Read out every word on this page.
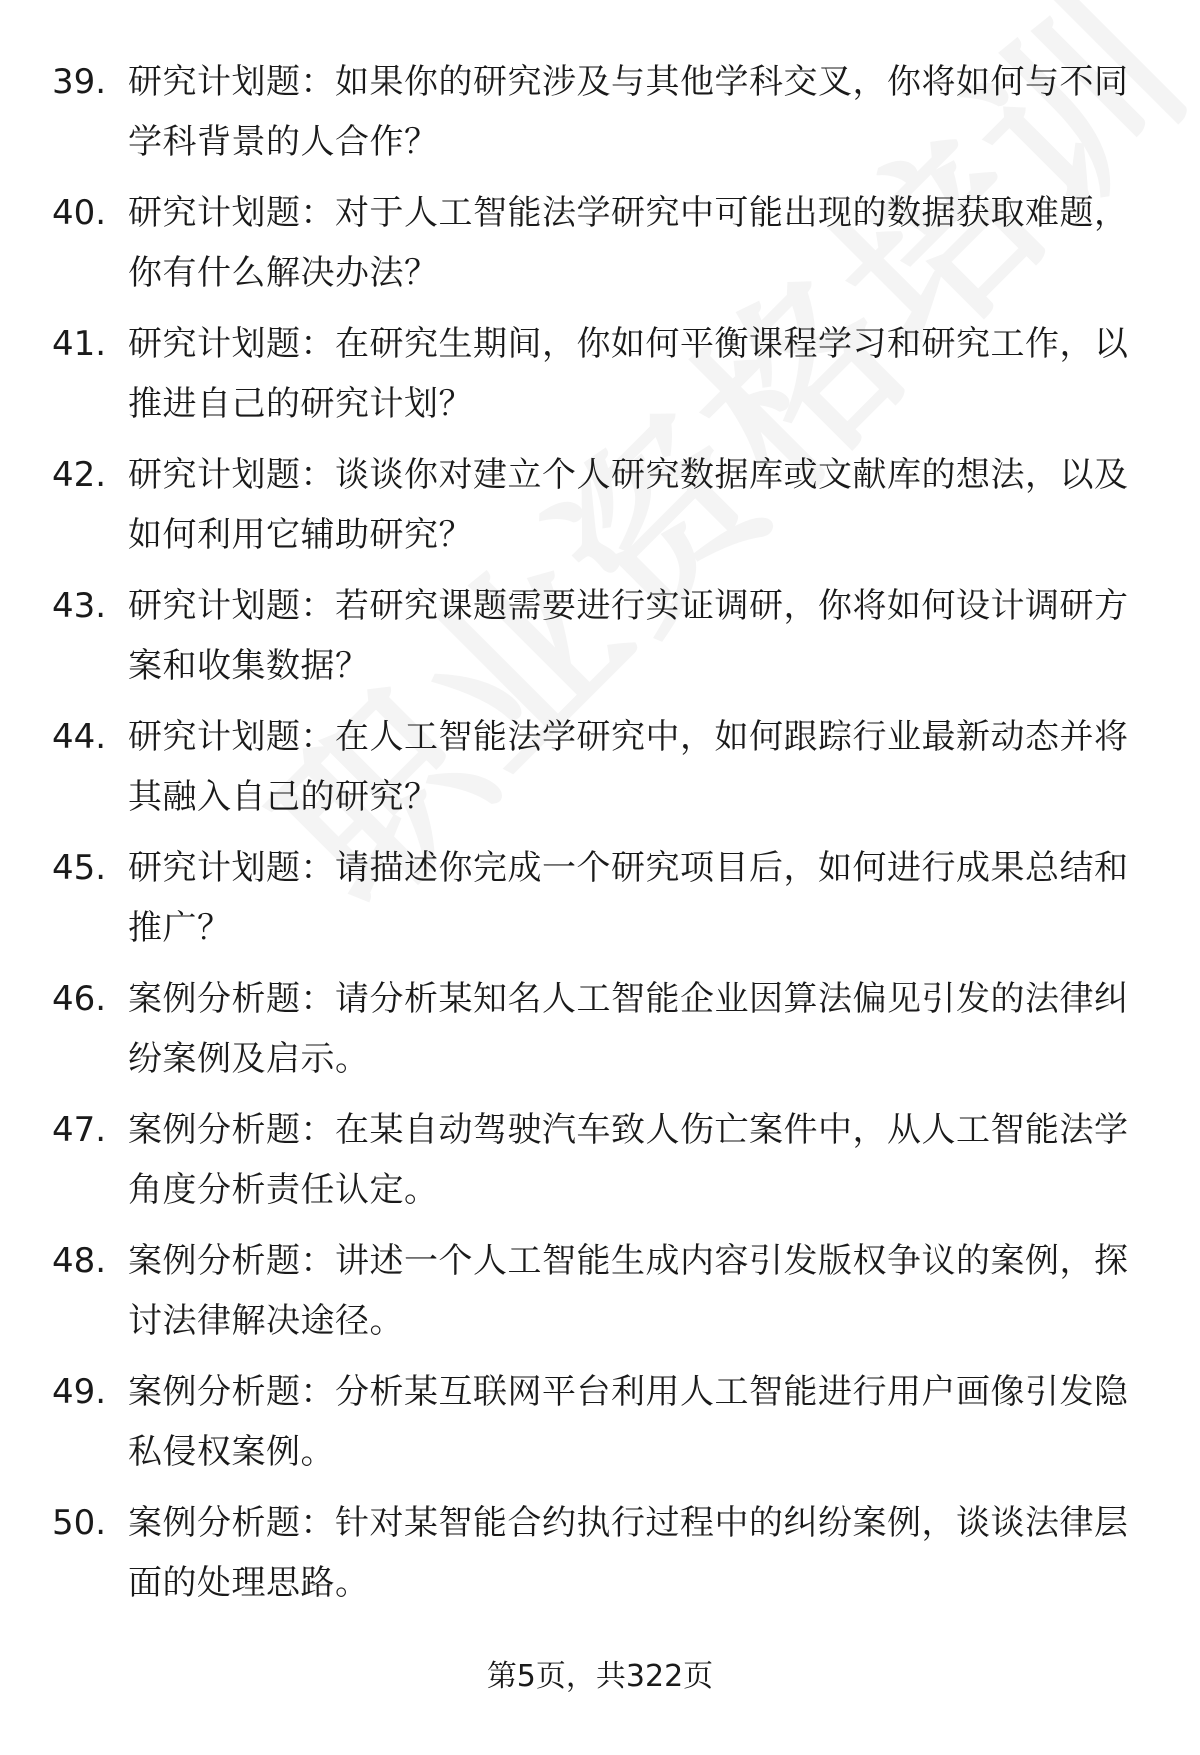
39. 研究计划题：如果你的研究涉及与其他学科交叉，你将如何与不同学科背景的人合作？
40. 研究计划题：对于人工智能法学研究中可能出现的数据获取难题，你有什么解决办法？
41. 研究计划题：在研究生期间，你如何平衡课程学习和研究工作，以推进自己的研究计划？
42. 研究计划题：谈谈你对建立个人研究数据库或文献库的想法，以及如何利用它辅助研究？
43. 研究计划题：若研究课题需要进行实证调研，你将如何设计调研方案和收集数据？
44. 研究计划题：在人工智能法学研究中，如何跟踪行业最新动态并将其融入自己的研究？
45. 研究计划题：请描述你完成一个研究项目后，如何进行成果总结和推广？
46. 案例分析题：请分析某知名人工智能企业因算法偏见引发的法律纠纷案例及启示。
47. 案例分析题：在某自动驾驶汽车致人伤亡案件中，从人工智能法学角度分析责任认定。
48. 案例分析题：讲述一个人工智能生成内容引发版权争议的案例，探讨法律解决途径。
49. 案例分析题：分析某互联网平台利用人工智能进行用户画像引发隐私侵权案例。
50. 案例分析题：针对某智能合约执行过程中的纠纷案例，谈谈法律层面的处理思路。
第5页，共322页
